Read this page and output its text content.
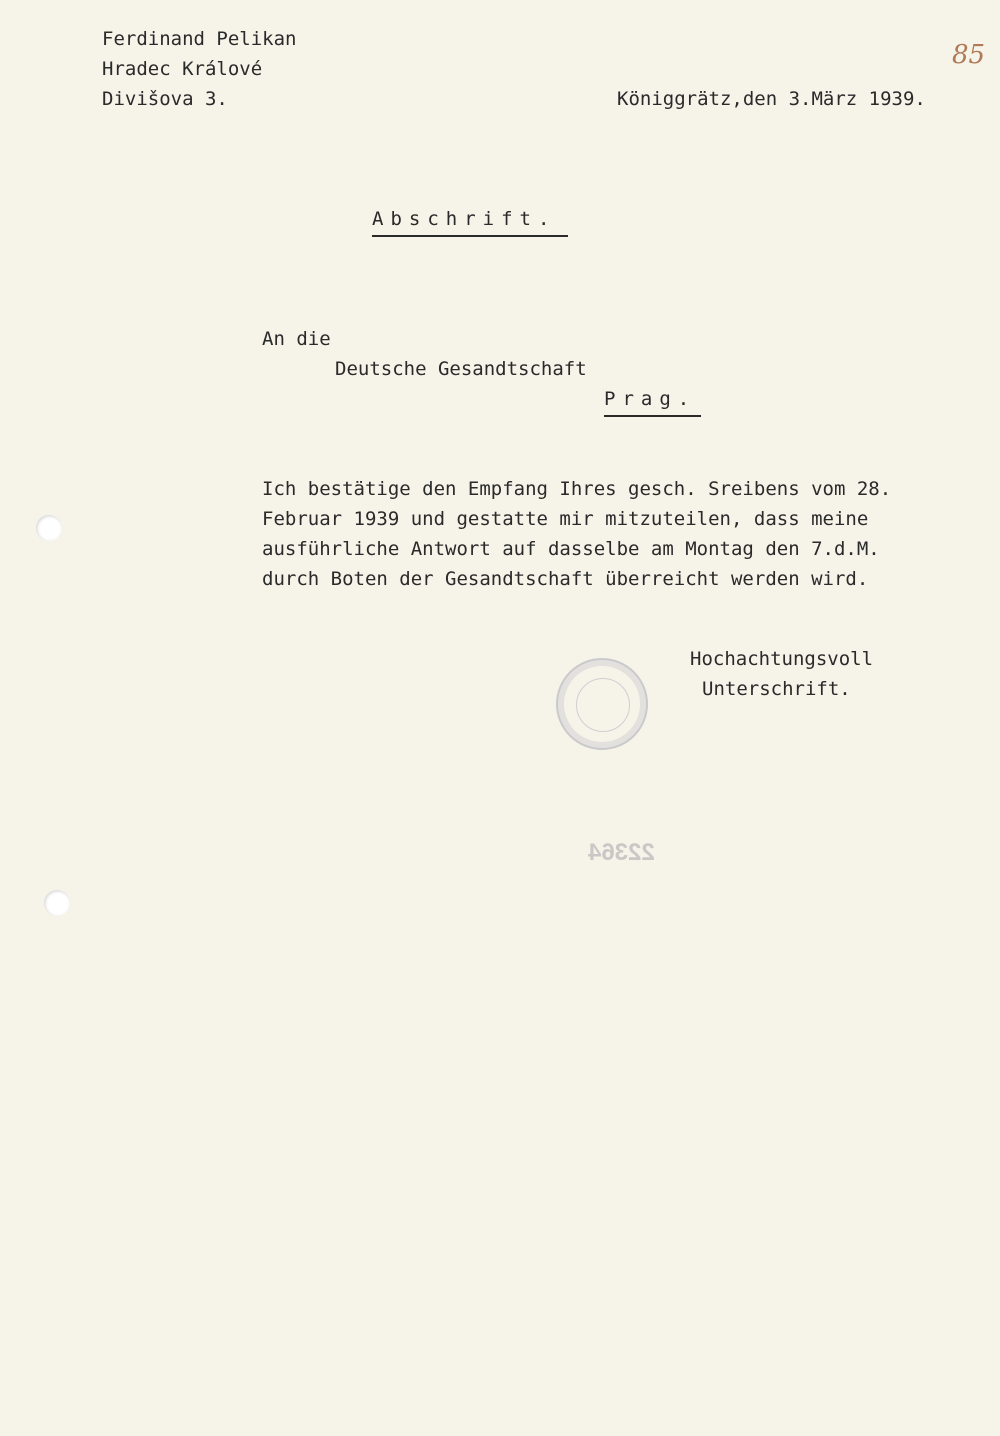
85
Ferdinand Pelikan
Hradec Králové
Divišova 3.	Königgrätz,den 3.März 1939.
Abschrift.
An die
Deutsche Gesandtschaft
Prag.
Ich bestätige den Empfang Ihres gesch. Sreibens vom 28.
Februar 1939 und gestatte mir mitzuteilen, dass meine
ausführliche Antwort auf dasselbe am Montag den 7.d.M.
durch Boten der Gesandtschaft überreicht werden wird.
Hochachtungsvoll
Unterschrift.
22364
